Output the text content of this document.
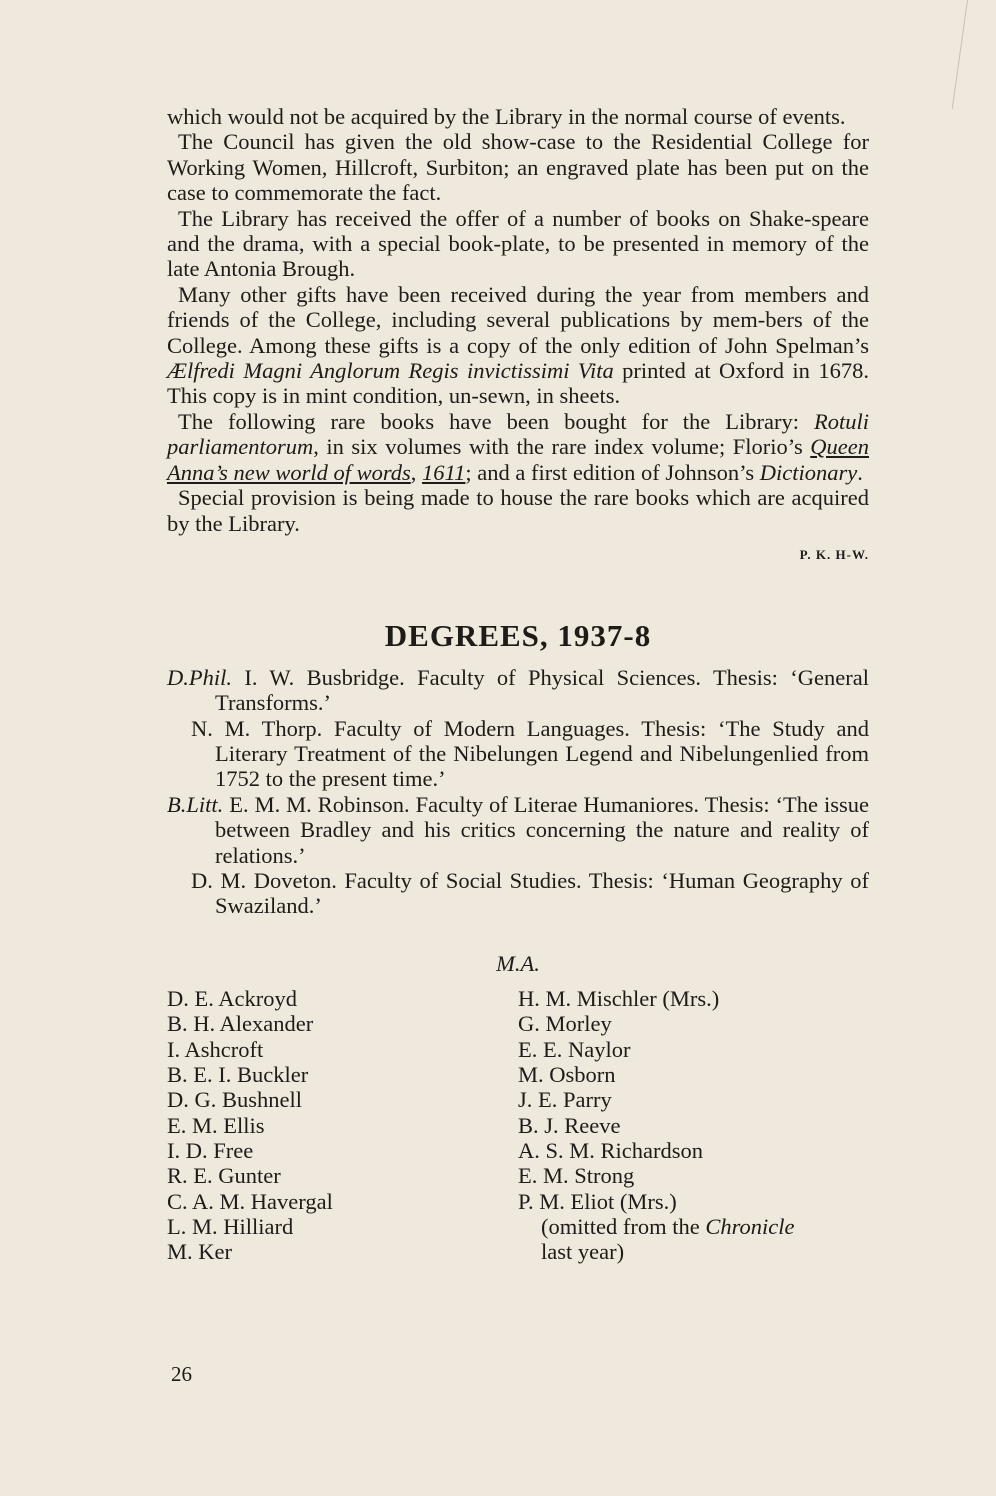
which would not be acquired by the Library in the normal course of events.

The Council has given the old show-case to the Residential College for Working Women, Hillcroft, Surbiton; an engraved plate has been put on the case to commemorate the fact.

The Library has received the offer of a number of books on Shake-speare and the drama, with a special book-plate, to be presented in memory of the late Antonia Brough.

Many other gifts have been received during the year from members and friends of the College, including several publications by mem-bers of the College. Among these gifts is a copy of the only edition of John Spelman’s Ælfredi Magni Anglorum Regis invictissimi Vita printed at Oxford in 1678. This copy is in mint condition, un-sewn, in sheets.

The following rare books have been bought for the Library: Rotuli parliamentorum, in six volumes with the rare index volume; Florio’s Queen Anna’s new world of words, 1611; and a first edition of Johnson’s Dictionary.

Special provision is being made to house the rare books which are acquired by the Library.

P. K. H-W.
DEGREES, 1937-8

D.Phil. I. W. Busbridge. Faculty of Physical Sciences. Thesis: ‘General Transforms.’

N. M. Thorp. Faculty of Modern Languages. Thesis: ‘The Study and Literary Treatment of the Nibelungen Legend and Nibelungenlied from 1752 to the present time.’

B.Litt. E. M. M. Robinson. Faculty of Literae Humaniores. Thesis: ‘The issue between Bradley and his critics concerning the nature and reality of relations.’

D. M. Doveton. Faculty of Social Studies. Thesis: ‘Human Geography of Swaziland.’

M.A.
D. E. Ackroyd
B. H. Alexander
I. Ashcroft
B. E. I. Buckler
D. G. Bushnell
E. M. Ellis
I. D. Free
R. E. Gunter
C. A. M. Havergal
L. M. Hilliard
M. Ker
H. M. Mischler (Mrs.)
G. Morley
E. E. Naylor
M. Osborn
J. E. Parry
B. J. Reeve
A. S. M. Richardson
E. M. Strong
P. M. Eliot (Mrs.)
(omitted from the Chronicle
last year)
26
